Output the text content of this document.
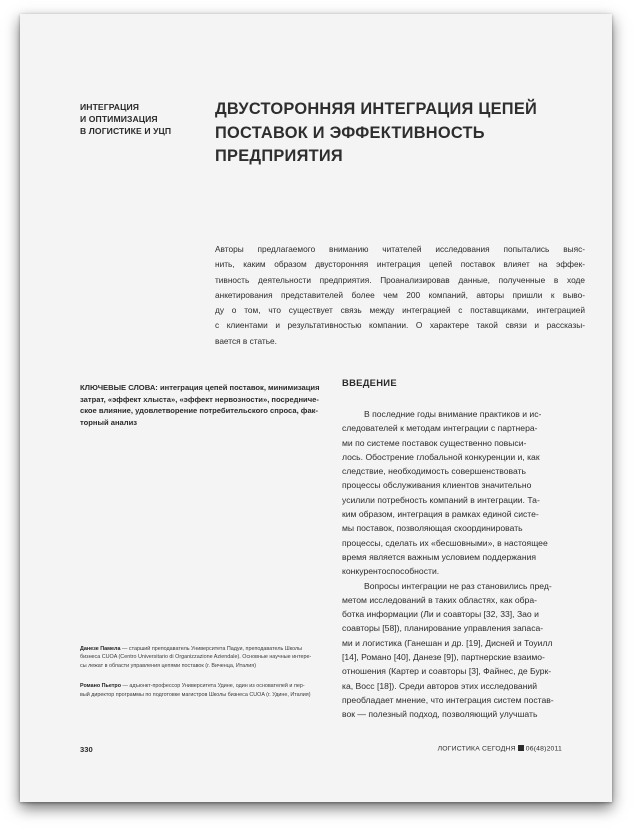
ИНТЕГРАЦИЯ
И ОПТИМИЗАЦИЯ
В ЛОГИСТИКЕ И УЦП
ДВУСТОРОННЯЯ ИНТЕГРАЦИЯ ЦЕПЕЙ
ПОСТАВОК И ЭФФЕКТИВНОСТЬ
ПРЕДПРИЯТИЯ
Авторы предлагаемого вниманию читателей исследования попытались выяс-
нить, каким образом двусторонняя интеграция цепей поставок влияет на эффек-
тивность деятельности предприятия. Проанализировав данные, полученные в ходе
анкетирования представителей более чем 200 компаний, авторы пришли к выво-
ду о том, что существует связь между интеграцией с поставщиками, интеграцией
с клиентами и результативностью компании. О характере такой связи и рассказы-
вается в статье.
КЛЮЧЕВЫЕ СЛОВА: интеграция цепей поставок, минимизация
затрат, «эффект хлыста», «эффект нервозности», посредниче-
ское влияние, удовлетворение потребительского спроса, фак-
торный анализ
ВВЕДЕНИЕ
В последние годы внимание практиков и ис-
следователей к методам интеграции с партнера-
ми по системе поставок существенно повыси-
лось. Обострение глобальной конкуренции и, как
следствие, необходимость совершенствовать
процессы обслуживания клиентов значительно
усилили потребность компаний в интеграции. Та-
ким образом, интеграция в рамках единой систе-
мы поставок, позволяющая скоординировать
процессы, сделать их «бесшовными», в настоящее
время является важным условием поддержания
конкурентоспособности.
Вопросы интеграции не раз становились пред-
метом исследований в таких областях, как обра-
ботка информации (Ли и соавторы [32, 33], Зао и
соавторы [58]), планирование управления запаса-
ми и логистика (Ганешан и др. [19], Дисней и Тоуилл
[14], Романо [40], Данезе [9]), партнерские взаимо-
отношения (Картер и соавторы [3], Файнес, де Бурк-
ка, Восс [18]). Среди авторов этих исследований
преобладает мнение, что интеграция систем постав-
вок — полезный подход, позволяющий улучшать
Данезе Памела — старший преподаватель Университета Падуи, преподаватель Школы
бизнеса CUOA (Centro Universitario di Organizzazione Aziendale). Основные научные интере-
сы лежат в области управления цепями поставок (г. Виченца, Италия)
Романо Пьетро — адъюнкт-профессор Университета Удине, один из основателей и пер-
вый директор программы по подготовке магистров Школы бизнеса CUOA (г. Удине, Италия)
330	ЛОГИСТИКА СЕГОДНЯ 06(48)2011
